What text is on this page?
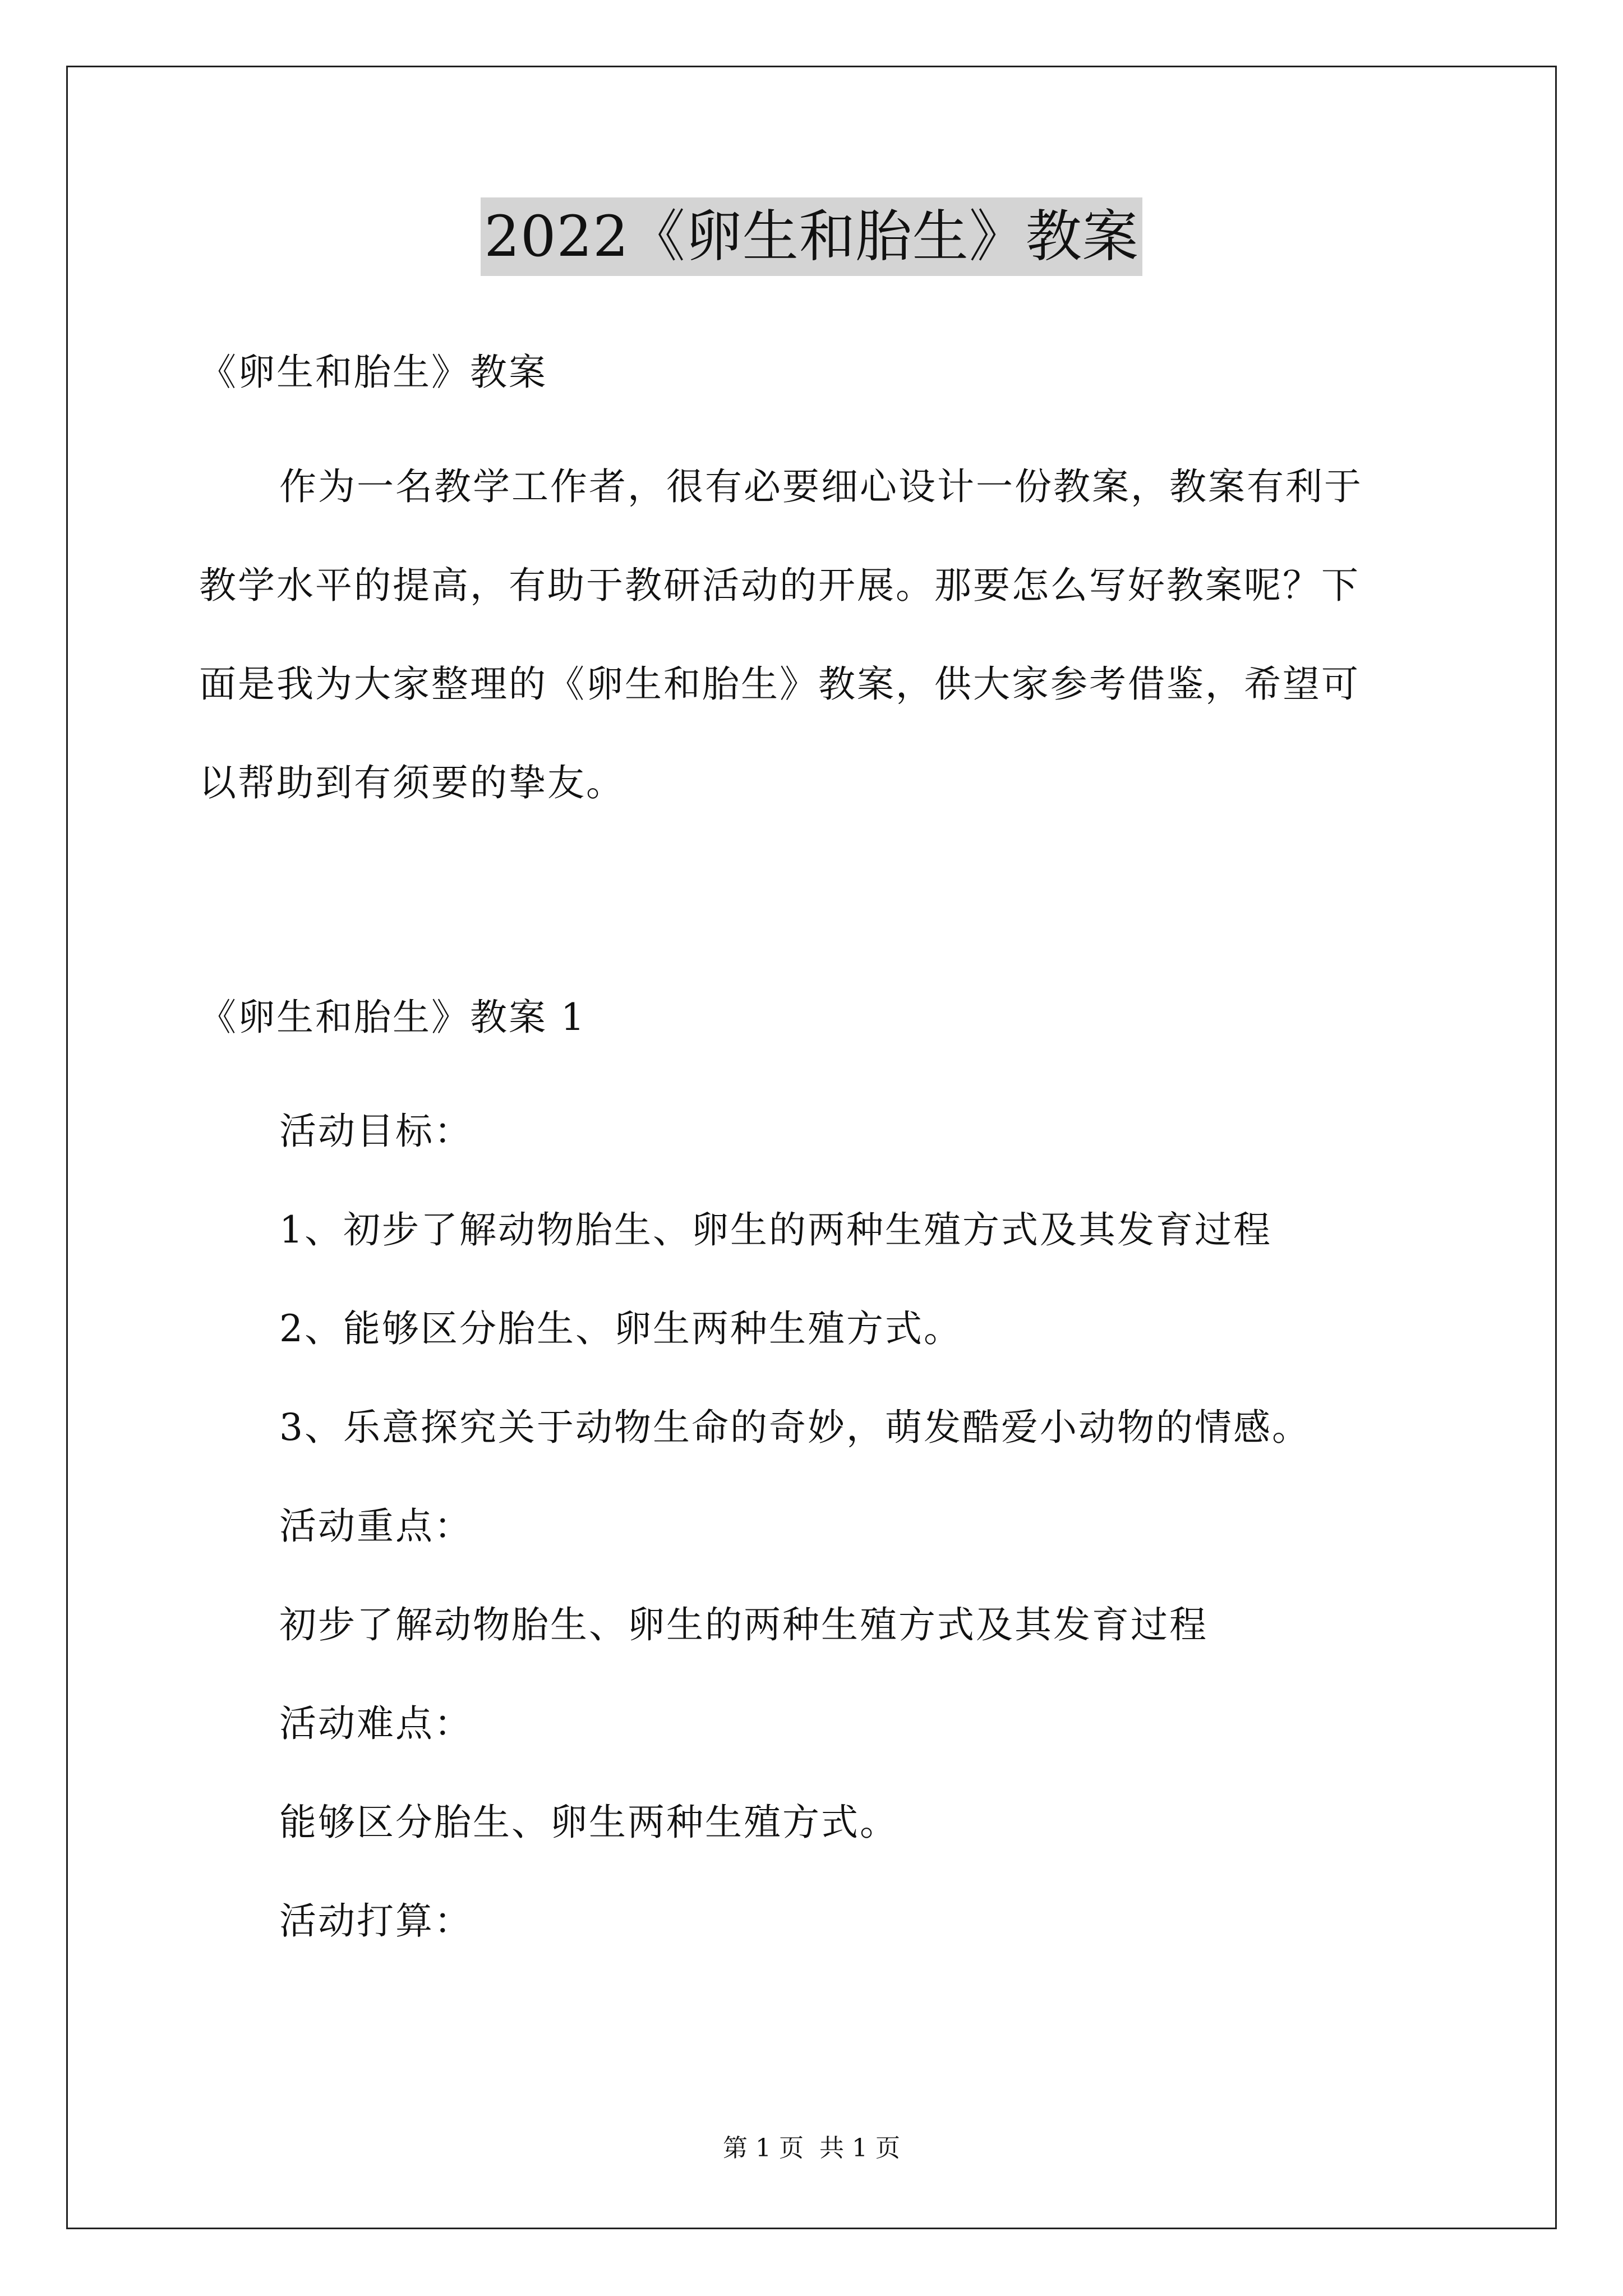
2022《卵生和胎生》教案
《卵生和胎生》教案
作为一名教学工作者，很有必要细心设计一份教案，教案有利于
教学水平的提高，有助于教研活动的开展。那要怎么写好教案呢？下
面是我为大家整理的《卵生和胎生》教案，供大家参考借鉴，希望可
以帮助到有须要的挚友。
《卵生和胎生》教案 1
活动目标：
1、初步了解动物胎生、卵生的两种生殖方式及其发育过程
2、能够区分胎生、卵生两种生殖方式。
3、乐意探究关于动物生命的奇妙，萌发酷爱小动物的情感。
活动重点：
初步了解动物胎生、卵生的两种生殖方式及其发育过程
活动难点：
能够区分胎生、卵生两种生殖方式。
活动打算：
第 1 页 共 1 页
